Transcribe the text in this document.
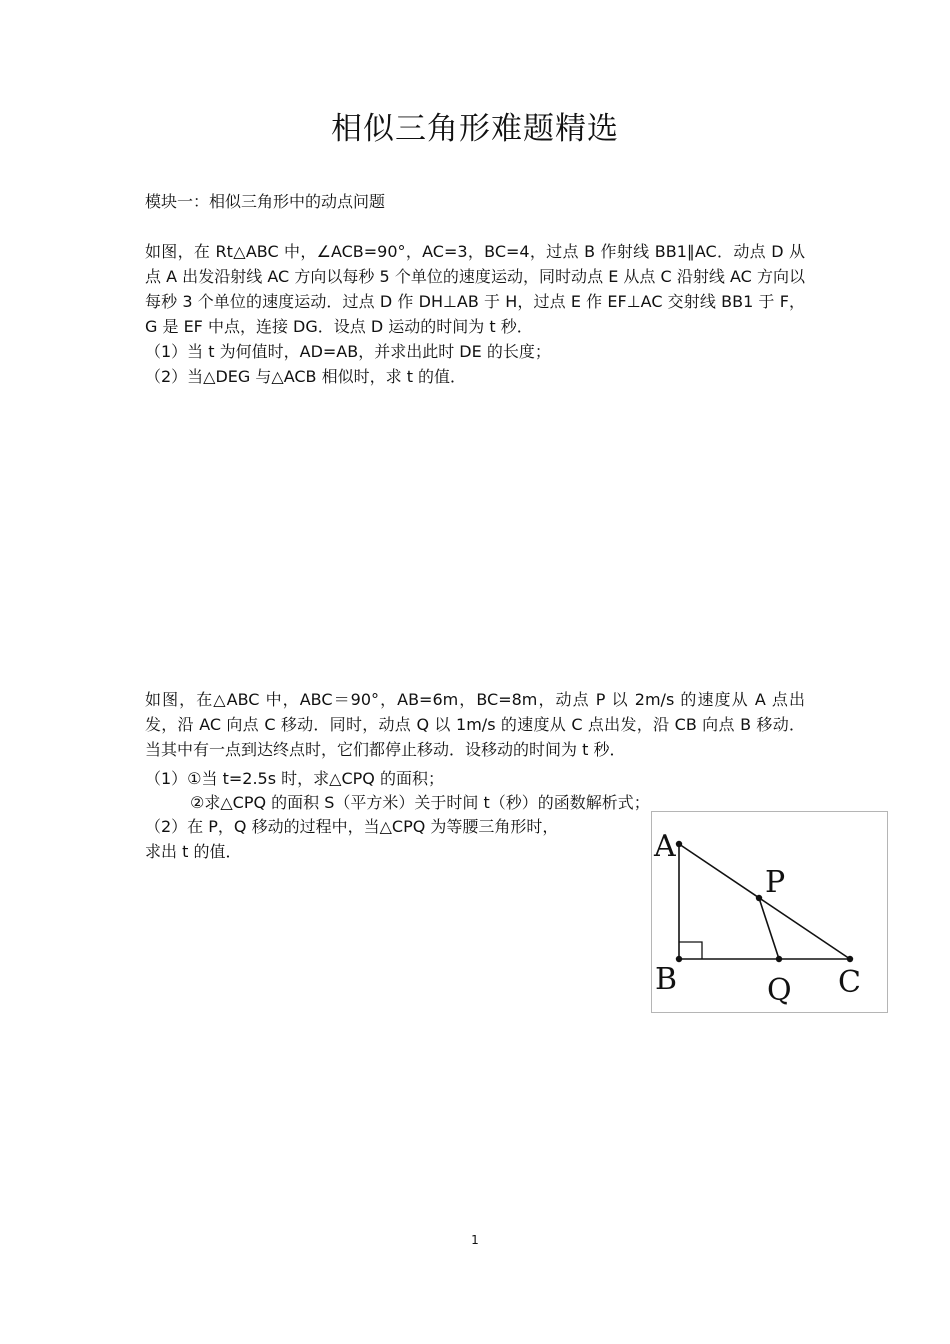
相似三角形难题精选
模块一：相似三角形中的动点问题

如图，在 Rt△ABC 中，∠ACB=90°，AC=3，BC=4，过点 B 作射线 BB1∥AC．动点 D 从点 A 出发沿射线 AC 方向以每秒 5 个单位的速度运动，同时动点 E 从点 C 沿射线 AC 方向以每秒 3 个单位的速度运动．过点 D 作 DH⊥AB 于 H，过点 E 作 EF⊥AC 交射线 BB1 于 F，G 是 EF 中点，连接 DG．设点 D 运动的时间为 t 秒．

（1）当 t 为何值时，AD=AB，并求出此时 DE 的长度；

（2）当△DEG 与△ACB 相似时，求 t 的值．

如图，在△ABC 中，ABC＝90°，AB=6m，BC=8m，动点 P 以 2m/s 的速度从 A 点出发，沿 AC 向点 C 移动．同时，动点 Q 以 1m/s 的速度从 C 点出发，沿 CB 向点 B 移动．当其中有一点到达终点时，它们都停止移动．设移动的时间为 t 秒．

（1）①当 t=2.5s 时，求△CPQ 的面积；
②求△CPQ 的面积 S（平方米）关于时间 t（秒）的函数解析式；
（2）在 P，Q 移动的过程中，当△CPQ 为等腰三角形时，
求出 t 的值．	A
B	C
P
Q
1
